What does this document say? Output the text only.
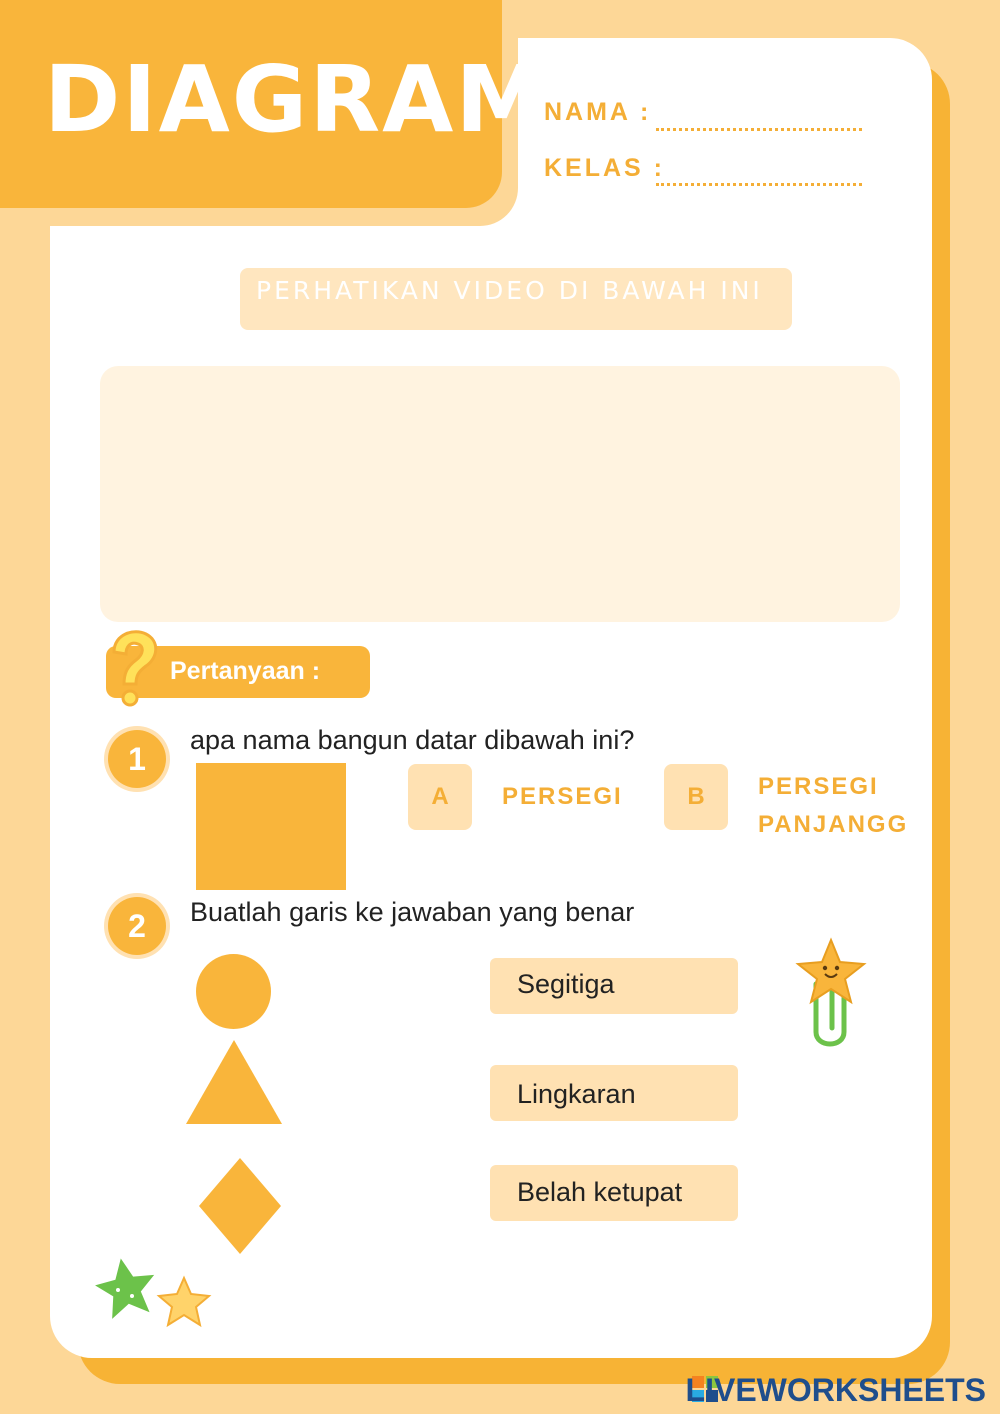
DIAGRAM
NAMA :
KELAS :
PERHATIKAN VIDEO DI BAWAH INI
Pertanyaan :
1
apa nama bangun datar dibawah ini?
A	PERSEGI	B	PERSEGI
PANJANGG
2	Buatlah garis ke jawaban yang benar
Segitiga
Lingkaran
Belah ketupat
LIVEWORKSHEETS
